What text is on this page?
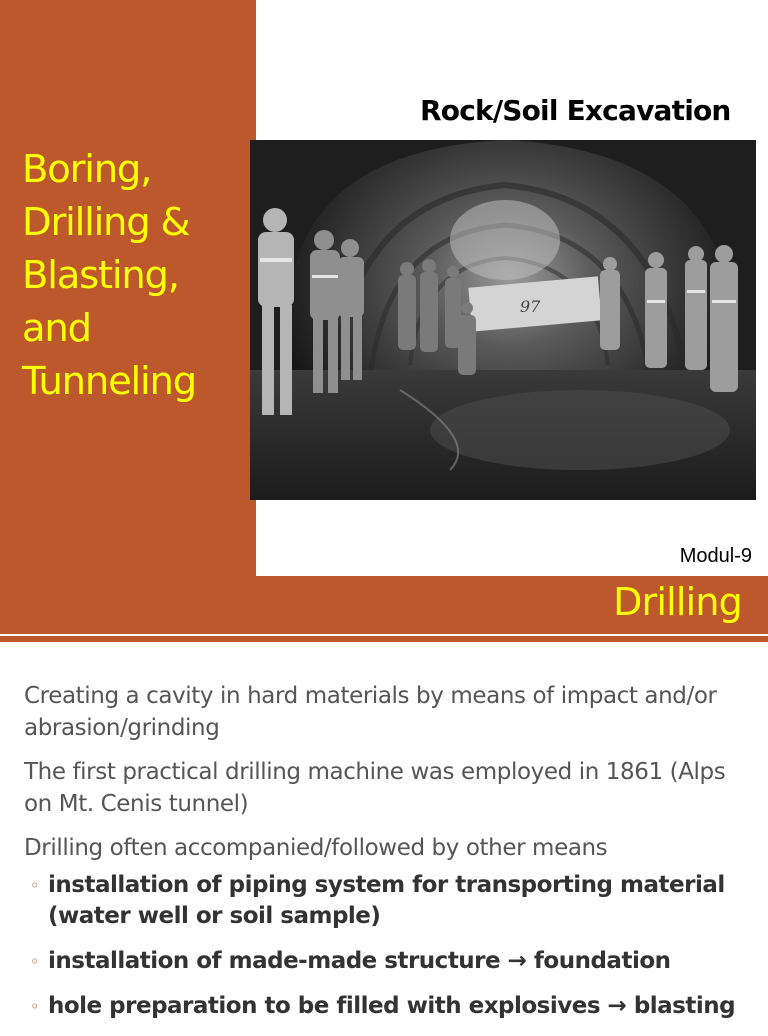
Boring,
Drilling &
Blasting,
and
Tunneling
Rock/Soil Excavation
97
Modul-9
Drilling

Creating a cavity in hard materials by means of impact and/or abrasion/grinding

The first practical drilling machine was employed in 1861 (Alps on Mt. Cenis tunnel)

Drilling often accompanied/followed by other means

◦ installation of piping system for transporting material (water well or soil sample)
◦ installation of made-made structure → foundation
◦ hole preparation to be filled with explosives → blasting
